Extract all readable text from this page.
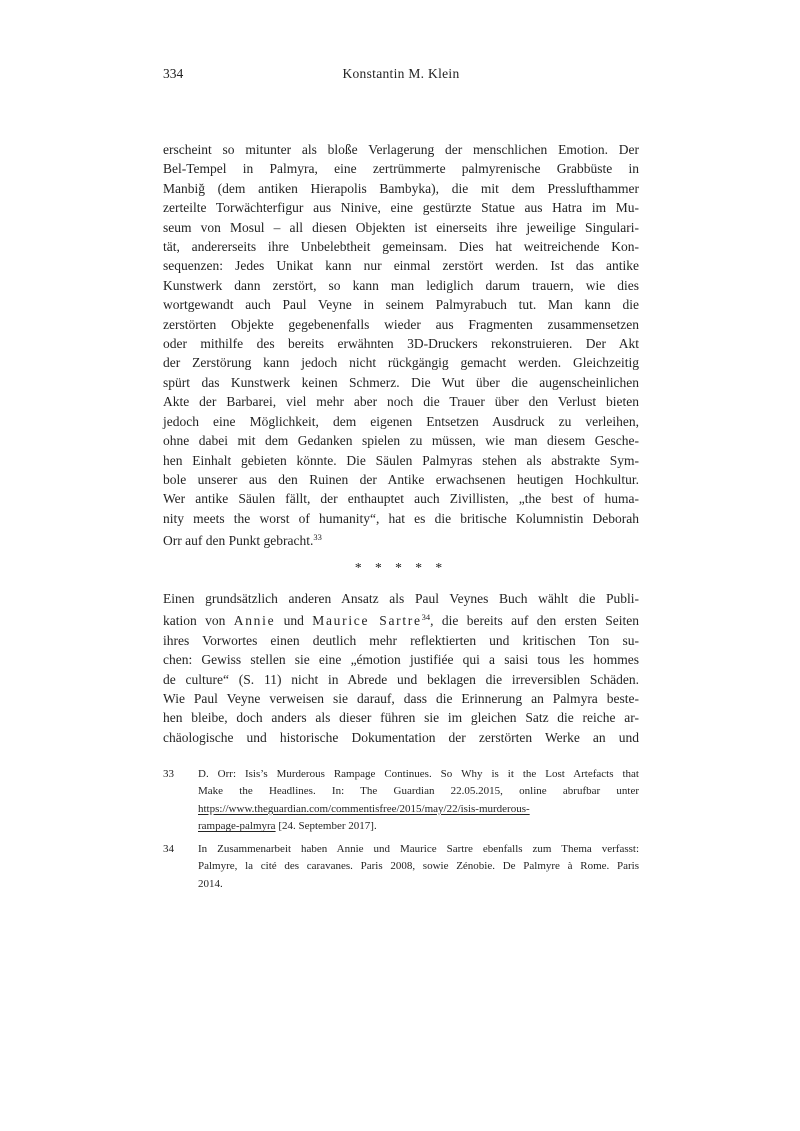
334	Konstantin M. Klein
erscheint so mitunter als bloße Verlagerung der menschlichen Emotion. Der
Bel-Tempel in Palmyra, eine zertrümmerte palmyrenische Grabbüste in
Manbiğ (dem antiken Hierapolis Bambyka), die mit dem Presslufthammer
zerteilte Torwächterfigur aus Ninive, eine gestürzte Statue aus Hatra im Mu-
seum von Mosul – all diesen Objekten ist einerseits ihre jeweilige Singulari-
tät, andererseits ihre Unbelebtheit gemeinsam. Dies hat weitreichende Kon-
sequenzen: Jedes Unikat kann nur einmal zerstört werden. Ist das antike
Kunstwerk dann zerstört, so kann man lediglich darum trauern, wie dies
wortgewandt auch Paul Veyne in seinem Palmyrabuch tut. Man kann die
zerstörten Objekte gegebenenfalls wieder aus Fragmenten zusammensetzen
oder mithilfe des bereits erwähnten 3D-Druckers rekonstruieren. Der Akt
der Zerstörung kann jedoch nicht rückgängig gemacht werden. Gleichzeitig
spürt das Kunstwerk keinen Schmerz. Die Wut über die augenscheinlichen
Akte der Barbarei, viel mehr aber noch die Trauer über den Verlust bieten
jedoch eine Möglichkeit, dem eigenen Entsetzen Ausdruck zu verleihen,
ohne dabei mit dem Gedanken spielen zu müssen, wie man diesem Gesche-
hen Einhalt gebieten könnte. Die Säulen Palmyras stehen als abstrakte Sym-
bole unserer aus den Ruinen der Antike erwachsenen heutigen Hochkultur.
Wer antike Säulen fällt, der enthauptet auch Zivillisten, „the best of huma-
nity meets the worst of humanity“, hat es die britische Kolumnistin Deborah
Orr auf den Punkt gebracht.$^{33}$
* * * * *
Einen grundsätzlich anderen Ansatz als Paul Veynes Buch wählt die Publi-
kation von Annie und Maurice Sartre$^{34}$, die bereits auf den ersten Seiten
ihres Vorwortes einen deutlich mehr reflektierten und kritischen Ton su-
chen: Gewiss stellen sie eine „émotion justifiée qui a saisi tous les hommes
de culture“ (S. 11) nicht in Abrede und beklagen die irreversiblen Schäden.
Wie Paul Veyne verweisen sie darauf, dass die Erinnerung an Palmyra beste-
hen bleibe, doch anders als dieser führen sie im gleichen Satz die reiche ar-
chäologische und historische Dokumentation der zerstörten Werke an und
33	D. Orr: Isis’s Murderous Rampage Continues. So Why is it the Lost Artefacts that
Make the Headlines. In: The Guardian 22.05.2015, online abrufbar unter
https://www.theguardian.com/commentisfree/2015/may/22/isis-murderous-
rampage-palmyra [24. September 2017].
34	In Zusammenarbeit haben Annie und Maurice Sartre ebenfalls zum Thema verfasst:
Palmyre, la cité des caravanes. Paris 2008, sowie Zénobie. De Palmyre à Rome. Paris
2014.
